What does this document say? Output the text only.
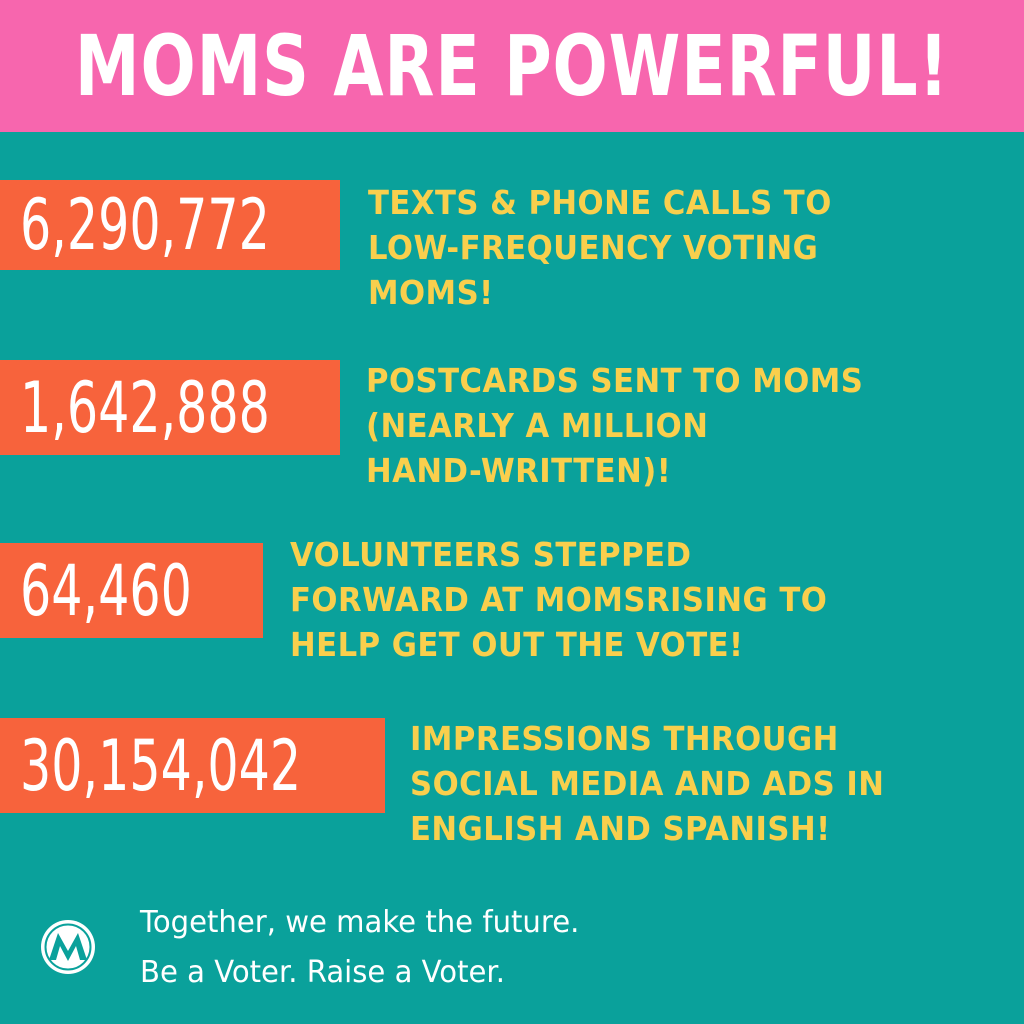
MOMS ARE POWERFUL!
6,290,772	TEXTS & PHONE CALLS TO
LOW-FREQUENCY VOTING
MOMS!
1,642,888	POSTCARDS SENT TO MOMS
(NEARLY A MILLION
HAND-WRITTEN)!
64,460	VOLUNTEERS STEPPED
FORWARD AT MOMSRISING TO
HELP GET OUT THE VOTE!
30,154,042	IMPRESSIONS THROUGH
SOCIAL MEDIA AND ADS IN
ENGLISH AND SPANISH!
Together, we make the future.
Be a Voter. Raise a Voter.
